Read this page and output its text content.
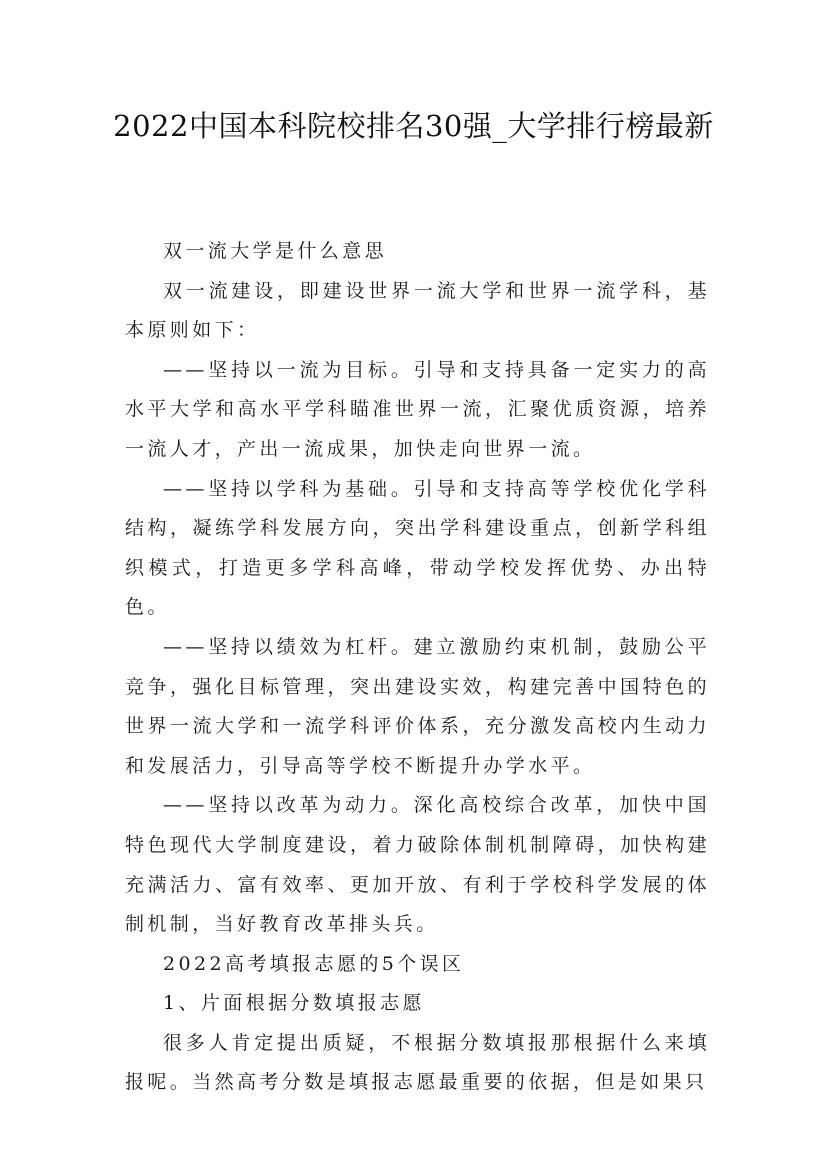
2022中国本科院校排名30强_大学排行榜最新

双一流大学是什么意思

双一流建设，即建设世界一流大学和世界一流学科，基本原则如下：

——坚持以一流为目标。引导和支持具备一定实力的高水平大学和高水平学科瞄准世界一流，汇聚优质资源，培养一流人才，产出一流成果，加快走向世界一流。

——坚持以学科为基础。引导和支持高等学校优化学科结构，凝练学科发展方向，突出学科建设重点，创新学科组织模式，打造更多学科高峰，带动学校发挥优势、办出特色。

——坚持以绩效为杠杆。建立激励约束机制，鼓励公平竞争，强化目标管理，突出建设实效，构建完善中国特色的世界一流大学和一流学科评价体系，充分激发高校内生动力和发展活力，引导高等学校不断提升办学水平。

——坚持以改革为动力。深化高校综合改革，加快中国特色现代大学制度建设，着力破除体制机制障碍，加快构建充满活力、富有效率、更加开放、有利于学校科学发展的体制机制，当好教育改革排头兵。

2022高考填报志愿的5个误区

1、片面根据分数填报志愿

很多人肯定提出质疑，不根据分数填报那根据什么来填报呢。当然高考分数是填报志愿最重要的依据，但是如果只
